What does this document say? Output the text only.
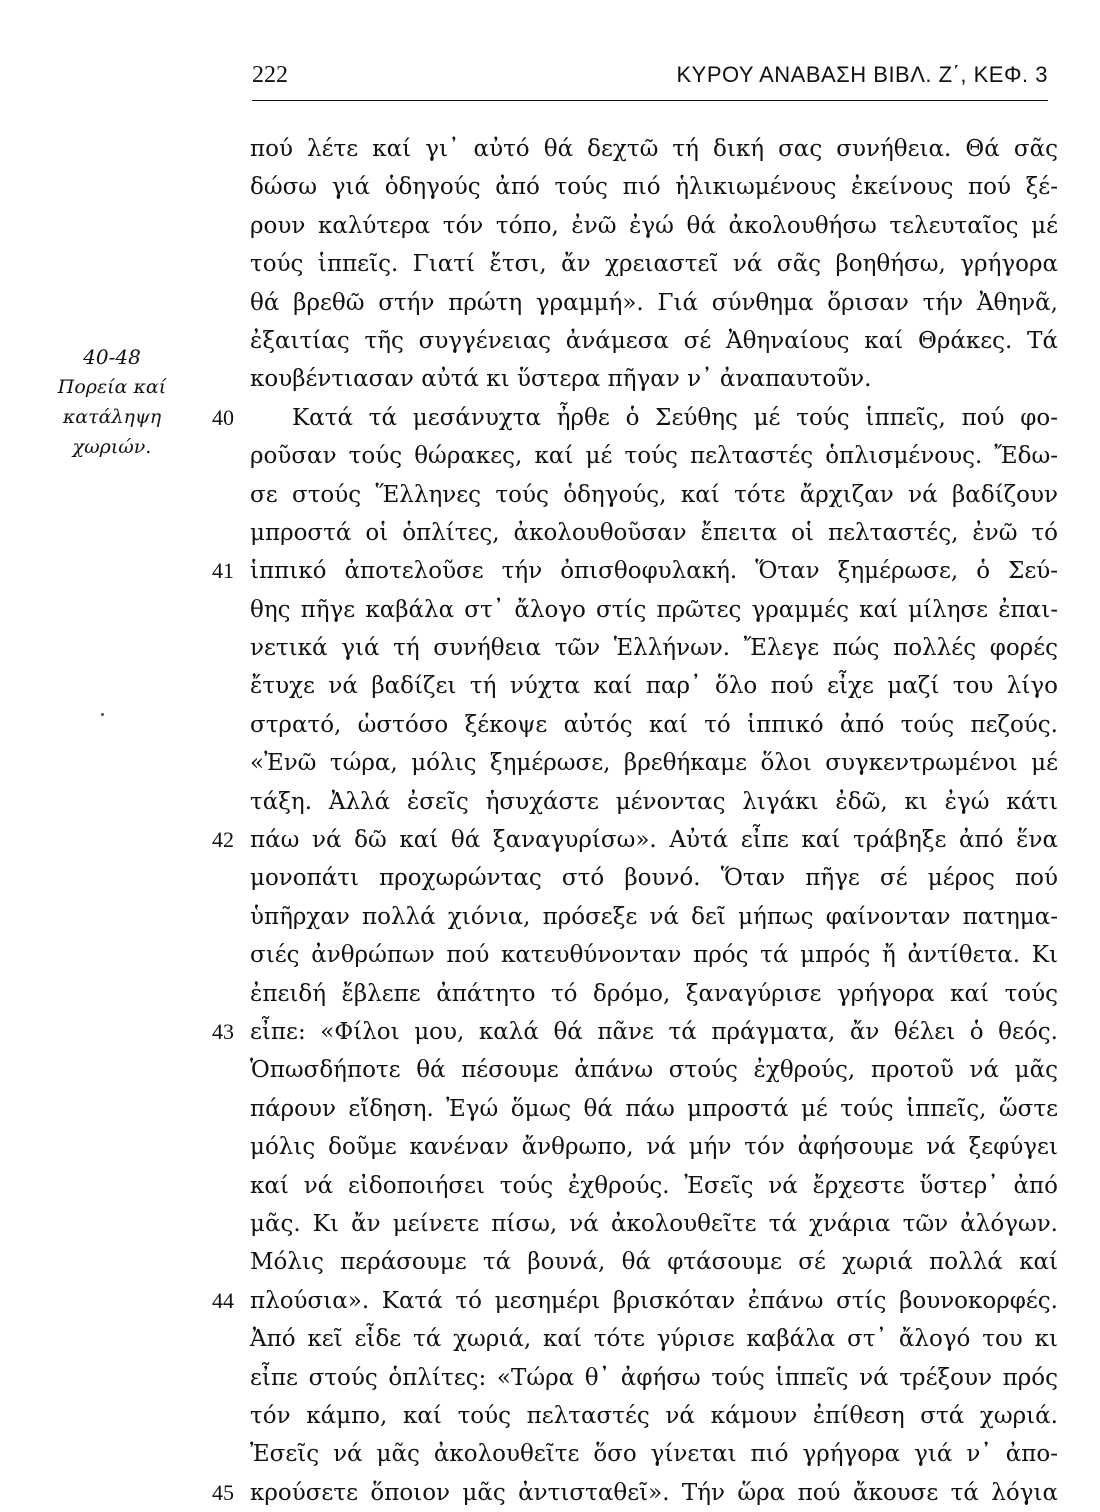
222	ΚΥΡΟΥ ΑΝΑΒΑΣΗ ΒΙΒΛ. Ζ΄, ΚΕΦ. 3
40-48
Πορεία καί
κατάληψη
χωριών.
πού λέτε καί γι᾽ αὐτό θά δεχτῶ τή δική σας συνήθεια. Θά σᾶς
δώσω γιά ὁδηγούς ἀπό τούς πιό ἡλικιωμένους ἐκείνους πού ξέ-
ρουν καλύτερα τόν τόπο, ἐνῶ ἐγώ θά ἀκολουθήσω τελευταῖος μέ
τούς ἱππεῖς. Γιατί ἔτσι, ἄν χρειαστεῖ νά σᾶς βοηθήσω, γρήγορα
θά βρεθῶ στήν πρώτη γραμμή». Γιά σύνθημα ὅρισαν τήν Ἀθηνᾶ,
ἐξαιτίας τῆς συγγένειας ἀνάμεσα σέ Ἀθηναίους καί Θράκες. Τά
κουβέντιασαν αὐτά κι ὕστερα πῆγαν ν᾽ ἀναπαυτοῦν.
40	Κατά τά μεσάνυχτα ἦρθε ὁ Σεύθης μέ τούς ἱππεῖς, πού φο-
ροῦσαν τούς θώρακες, καί μέ τούς πελταστές ὁπλισμένους. Ἔδω-
σε στούς Ἕλληνες τούς ὁδηγούς, καί τότε ἄρχιζαν νά βαδίζουν
μπροστά οἱ ὁπλίτες, ἀκολουθοῦσαν ἔπειτα οἱ πελταστές, ἐνῶ τό
41 ἱππικό ἀποτελοῦσε τήν ὀπισθοφυλακή. Ὅταν ξημέρωσε, ὁ Σεύ-
θης πῆγε καβάλα στ᾽ ἄλογο στίς πρῶτες γραμμές καί μίλησε ἐπαι-
νετικά γιά τή συνήθεια τῶν Ἑλλήνων. Ἔλεγε πώς πολλές φορές
ἔτυχε νά βαδίζει τή νύχτα καί παρ᾽ ὅλο πού εἶχε μαζί του λίγο
στρατό, ὡστόσο ξέκοψε αὐτός καί τό ἱππικό ἀπό τούς πεζούς.
«Ἐνῶ τώρα, μόλις ξημέρωσε, βρεθήκαμε ὅλοι συγκεντρωμένοι μέ
τάξη. Ἀλλά ἐσεῖς ἡσυχάστε μένοντας λιγάκι ἐδῶ, κι ἐγώ κάτι
42 πάω νά δῶ καί θά ξαναγυρίσω». Αὐτά εἶπε καί τράβηξε ἀπό ἕνα
μονοπάτι προχωρώντας στό βουνό. Ὅταν πῆγε σέ μέρος πού
ὑπῆρχαν πολλά χιόνια, πρόσεξε νά δεῖ μήπως φαίνονταν πατημα-
σιές ἀνθρώπων πού κατευθύνονταν πρός τά μπρός ἤ ἀντίθετα. Κι
ἐπειδή ἔβλεπε ἀπάτητο τό δρόμο, ξαναγύρισε γρήγορα καί τούς
43 εἶπε: «Φίλοι μου, καλά θά πᾶνε τά πράγματα, ἄν θέλει ὁ θεός.
Ὁπωσδήποτε θά πέσουμε ἀπάνω στούς ἐχθρούς, προτοῦ νά μᾶς
πάρουν εἴδηση. Ἐγώ ὅμως θά πάω μπροστά μέ τούς ἱππεῖς, ὥστε
μόλις δοῦμε κανέναν ἄνθρωπο, νά μήν τόν ἀφήσουμε νά ξεφύγει
καί νά εἰδοποιήσει τούς ἐχθρούς. Ἐσεῖς νά ἔρχεστε ὕστερ᾽ ἀπό
μᾶς. Κι ἄν μείνετε πίσω, νά ἀκολουθεῖτε τά χνάρια τῶν ἀλόγων.
Μόλις περάσουμε τά βουνά, θά φτάσουμε σέ χωριά πολλά καί
44 πλούσια». Κατά τό μεσημέρι βρισκόταν ἐπάνω στίς βουνοκορφές.
Ἀπό κεῖ εἶδε τά χωριά, καί τότε γύρισε καβάλα στ᾽ ἄλογό του κι
εἶπε στούς ὁπλίτες: «Τώρα θ᾽ ἀφήσω τούς ἱππεῖς νά τρέξουν πρός
τόν κάμπο, καί τούς πελταστές νά κάμουν ἐπίθεση στά χωριά.
Ἐσεῖς νά μᾶς ἀκολουθεῖτε ὅσο γίνεται πιό γρήγορα γιά ν᾽ ἀπο-
45 κρούσετε ὅποιον μᾶς ἀντισταθεῖ». Τήν ὥρα πού ἄκουσε τά λόγια
